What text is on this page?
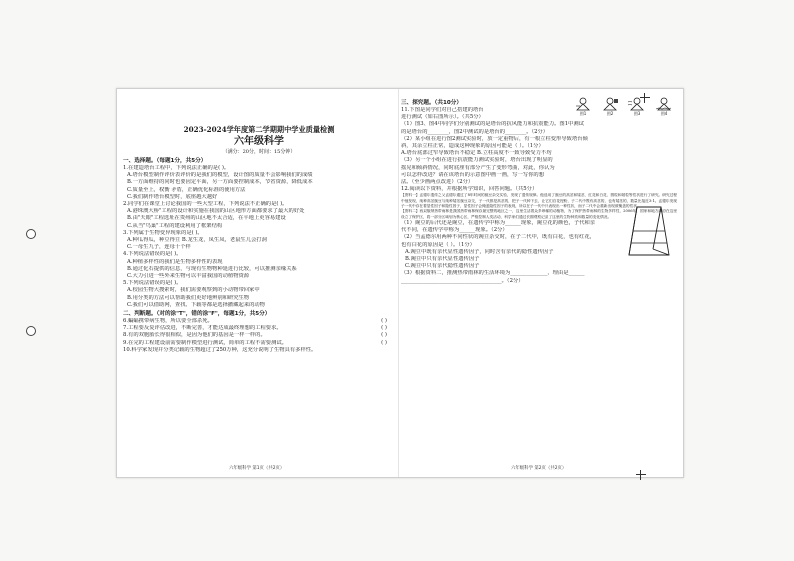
2023-2024学年度第二学期期中学业质量检测
六年级科学
（满分：20分，时间：15分钟）
一、选择题。（每题1分，共5分）
1.在建造塔台工程中，下列说法正确的是( )。
A.塔台模型制作评价表评价的是我们的模型，设计图的质量不会影响我们的成绩
B.一方面维持的同时也要因定平面，另一方面要控制成本，节省资源，降低成本
C.质量至上，权衡 矛盾，正确优化标准的使用方法
C.我们制作塔台模型时，底座越大越好
2.同学们在课堂上讨论我国的一些大型工程，下列说法不正确的是( )。
A.港珠澳大桥"工程的设计和实施在我国的山区地形方面都要求了最大的好处
B.由"天眼"工程选址在贵州的山区地不太合适，在平地上更容易建设
C.从当"鸟巢"工程的建设利用了框架结构
3.下列属于生物变异现象的是( )。
A.种瓜得瓜，种豆得豆 B.龙生龙，凤生凤，老鼠生儿会打洞
C.一母生九子，连母十个样
4.下列说法错误的是( )。
A.种植多样性的我们是生物多样性的表现
B.通过化石提供的信息，与现有生物物种延进行比较，可以推测亲缘关系
C.大力引进一些外来生物可以丰富我国的动植物资源
5.下列说法错误的是( )。
A.校园生物大搜索时，我们需要观察到的小动物带回家中
B.用分类的方法可以帮助我们更好地辨别和研究生物
C.我们可以借助网，查找、下载等都是选择撤藏起来的动物
二、判断题。（对的涂"T"，错的涂"F"，每题1分，共5分）
6.蝙蝠携带病生物，所以要全部杀死。	( )
7.工程要反复评估改进，不断完善，才能达成最终理想的工程要求。	( )
8.有的双胞胎长得很相似，是因为他们的基因是一样一样的。	( )
9.在完的工程建设前需要制作模型进行测试，简单的工程不需要测试。	( )
10.科学家发现并分类记载的生物超过了250万种，这充分说明了生物具有多样性。
六年级科学 第1页（共2页）
图1	图2	图3	图4
三、探究题。（共10分）
11.下图是同学们对自己搭建的塔台
进行测试（如右图所示）。（共5分）
（1）图3、图4中同学们分别测试的是塔台的抗风能力和抗震能力。图1中测试
的是塔台的________，图2中测试的是塔台的________。（2分）
（2）某小组在进行图2测试实验时，放一定重物后，有一根立柱变形导致塔台倾
斜，其余立柱正常，造成这种现象的原因可能是（ ）。（1分）
A.塔台底部过窄导致塔台不稳定 B.立柱高度不一致导致受力不均
（3）另一个小组在进行抗震能力测试实验时，塔台出现了明显的
摇晃和倾斜情况，同时底座有部分产生了变形弯曲，对此，你认为
可以怎样改进？请在该塔台的示意图中画一画，写一写你的想
法。（至少画两点改进）（2分）
12.阅读以下资料，并根据所学知识，回答问题。（共5分）
【资料一】孟德尔遗传之父孟德尔通过了8年时间的豌豆杂交实验，发现了遗传规律。他选用了豌豆的高茎和矮茎、红花和白花、圆粒和皱粒等性状进行了研究。研究过程中他发现，纯种高茎豌豆与纯种矮茎豌豆杂交，子一代都是高茎的，把子一代种下去，让它们自花授粉，子二代中既有高茎的，也有矮茎的，数量比接近3:1。孟德尔发现子一代中存在着显性因子和隐性因子，显性因子会掩盖隐性因子的表现，所以在子一代中只表现出一种性状，而子二代中会重新出现被掩盖的性状。
【资料二】西双版纳热带雨林是我国热带雨林保存最完整的地区之一，这里生活着众多珍稀的动植物，为了保护热带雨林的生物多样性，2006年，国家和地方政府在这里设立了保护区，将一部分区域划为核心区，严格控制人类活动，科学家们通过长期观察记录了这里的生物种类和数量的变化情况。
（1）豌豆的后代还是豌豆，在遗传学中称为______现象，豌豆花的颜色，子代和亲
代不同，在遗传学中称为______现象。（2分）
（2）当孟德尔用两种不同性状的豌豆杂交时，在子二代中，既有白花，也有红花，
也有白花的原因是（ ）。（1分）
A.豌豆中既有亲代显性遗传因子，同时含有亲代的隐性遗传因子
B.豌豆中只有亲代显性遗传因子
C.豌豆中只有亲代隐性遗传因子
（3）根据资料二，推测热带雨林的生活环境为______________，理由是______
______________________________________。（2分）
六年级科学 第2页（共2页）
